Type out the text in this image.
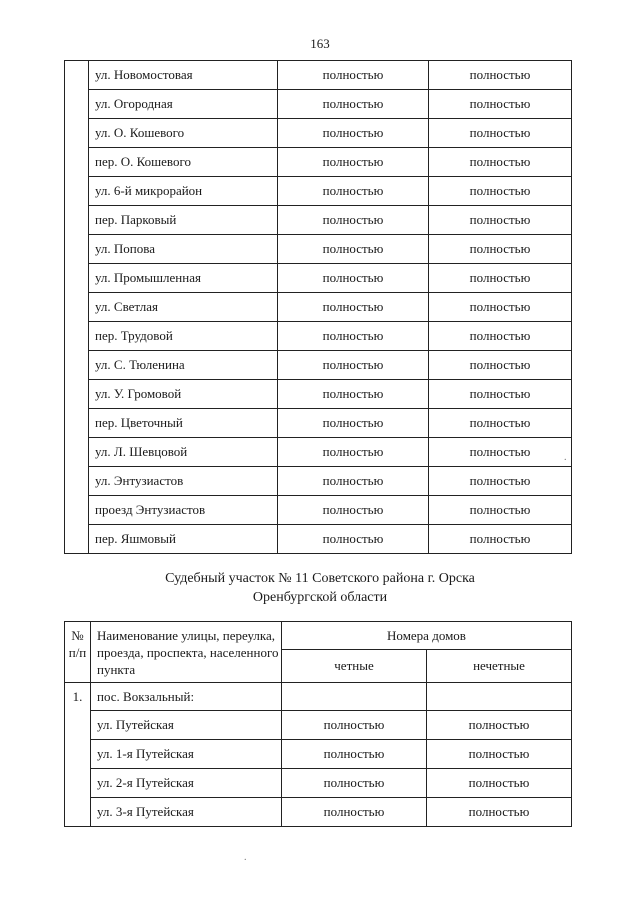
163
	ул. Новомостовая	полностью	полностью
	ул. Огородная	полностью	полностью
	ул. О. Кошевого	полностью	полностью
	пер. О. Кошевого	полностью	полностью
	ул. 6-й микрорайон	полностью	полностью
	пер. Парковый	полностью	полностью
	ул. Попова	полностью	полностью
	ул. Промышленная	полностью	полностью
	ул. Светлая	полностью	полностью
	пер. Трудовой	полностью	полностью
	ул. С. Тюленина	полностью	полностью
	ул. У. Громовой	полностью	полностью
	пер. Цветочный	полностью	полностью
	ул. Л. Шевцовой	полностью	полностью
	ул. Энтузиастов	полностью	полностью
	проезд Энтузиастов	полностью	полностью
	пер. Яшмовый	полностью	полностью
Судебный участок № 11 Советского района г. Орска
Оренбургской области
№ п/п	Наименование улицы, переулка, проезда, проспекта, населенного пункта	Номера домов	
		четные	нечетные
1.	пос. Вокзальный:		
	ул. Путейская	полностью	полностью
	ул. 1-я Путейская	полностью	полностью
	ул. 2-я Путейская	полностью	полностью
	ул. 3-я Путейская	полностью	полностью
.
.
